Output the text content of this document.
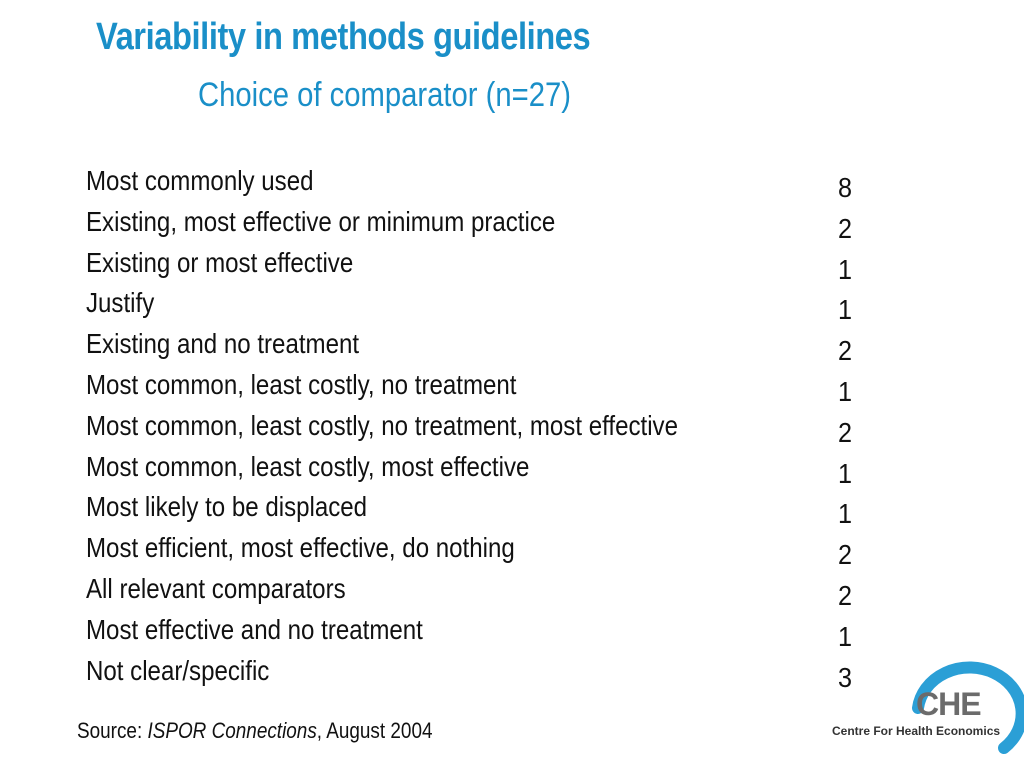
Variability in methods guidelines
Choice of comparator (n=27)
Most commonly used
Existing, most effective or minimum practice
Existing or most effective
Justify
Existing and no treatment
Most common, least costly, no treatment
Most common, least costly, no treatment, most effective
Most common, least costly, most effective
Most likely to be displaced
Most efficient, most effective, do nothing
All relevant comparators
Most effective and no treatment
Not clear/specific
8
2
1
1
2
1
2
1
1
2
2
1
3
Source: ISPOR Connections, August 2004
CHE
Centre For Health Economics
